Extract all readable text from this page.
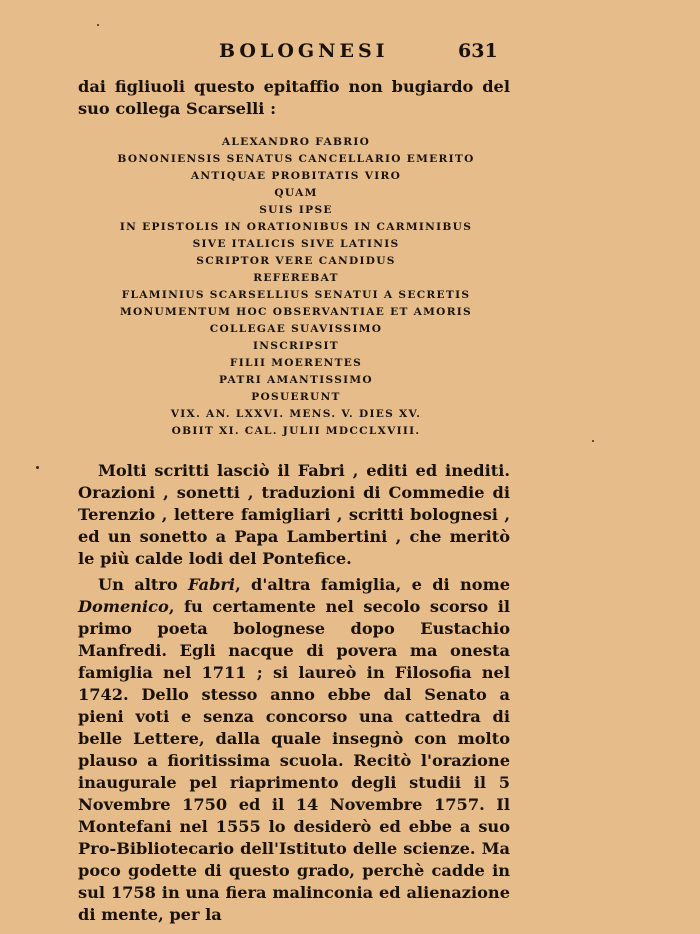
BOLOGNESI	631

dai figliuoli questo epitaffio non bugiardo del suo collega Scarselli :

ALEXANDRO FABRIO
BONONIENSIS SENATUS CANCELLARIO EMERITO
ANTIQUAE PROBITATIS VIRO
QUAM
SUIS IPSE
IN EPISTOLIS IN ORATIONIBUS IN CARMINIBUS
SIVE ITALICIS SIVE LATINIS
SCRIPTOR VERE CANDIDUS
REFEREBAT
FLAMINIUS SCARSELLIUS SENATUI A SECRETIS
MONUMENTUM HOC OBSERVANTIAE ET AMORIS
COLLEGAE SUAVISSIMO
INSCRIPSIT
FILII MOERENTES
PATRI AMANTISSIMO
POSUERUNT
VIX. AN. LXXVI. MENS. V. DIES XV.
OBIIT XI. CAL. JULII MDCCLXVIII.

Molti scritti lasciò il Fabri , editi ed inediti. Orazioni , sonetti , traduzioni di Commedie di Terenzio , lettere famigliari , scritti bolognesi , ed un sonetto a Papa Lambertini , che meritò le più calde lodi del Pontefice.

Un altro Fabri, d'altra famiglia, e di nome Domenico, fu certamente nel secolo scorso il primo poeta bolognese dopo Eustachio Manfredi. Egli nacque di povera ma onesta famiglia nel 1711 ; si laureò in Filosofia nel 1742. Dello stesso anno ebbe dal Senato a pieni voti e senza concorso una cattedra di belle Lettere, dalla quale insegnò con molto plauso a fioritissima scuola. Recitò l'orazione inaugurale pel riaprimento degli studii il 5 Novembre 1750 ed il 14 Novembre 1757. Il Montefani nel 1555 lo desiderò ed ebbe a suo Pro-Bibliotecario dell'Istituto delle scienze. Ma poco godette di questo grado, perchè cadde in sul 1758 in una fiera malinconia ed alienazione di mente, per la
